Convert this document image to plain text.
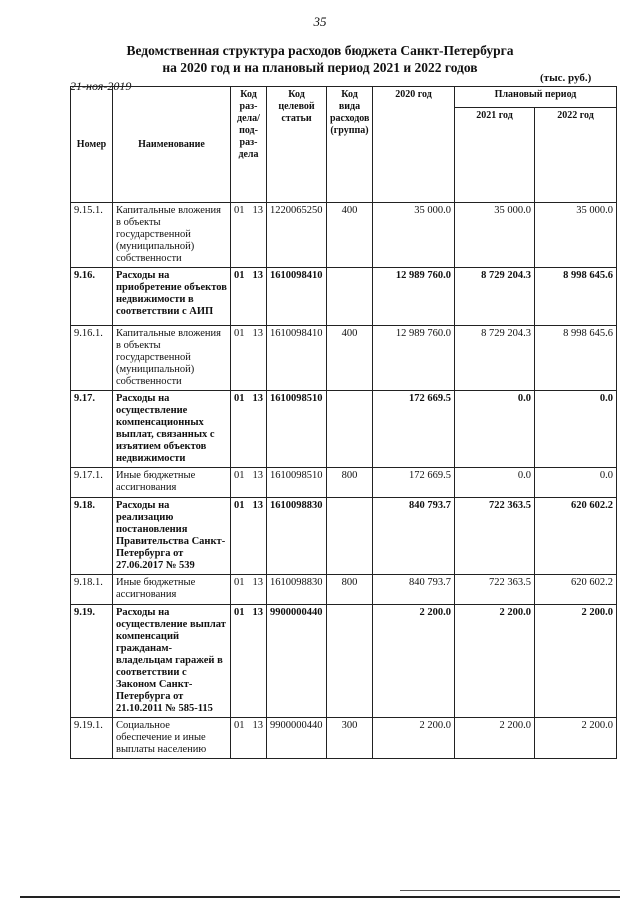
35
Ведомственная структура расходов бюджета Санкт-Петербурга
на 2020 год и на плановый период 2021 и 2022 годов
21-ноя-2019
(тыс. руб.)
Номер	Наименование	Код раз-дела/ под-раз-дела	Код целевой статьи	Код вида расходов (группа)	2020 год	Плановый период	
						2021 год	2022 год
9.15.1.	Капитальные вложения в объекты государственной (муниципальной) собственности	01 13	1220065250	400	35 000.0	35 000.0	35 000.0
9.16.	Расходы на приобретение объектов недвижимости в соответствии с АИП	01 13	1610098410		12 989 760.0	8 729 204.3	8 998 645.6
9.16.1.	Капитальные вложения в объекты государственной (муниципальной) собственности	01 13	1610098410	400	12 989 760.0	8 729 204.3	8 998 645.6
9.17.	Расходы на осуществление компенсационных выплат, связанных с изъятием объектов недвижимости	01 13	1610098510		172 669.5	0.0	0.0
9.17.1.	Иные бюджетные ассигнования	01 13	1610098510	800	172 669.5	0.0	0.0
9.18.	Расходы на реализацию постановления Правительства Санкт-Петербурга от 27.06.2017 № 539	01 13	1610098830		840 793.7	722 363.5	620 602.2
9.18.1.	Иные бюджетные ассигнования	01 13	1610098830	800	840 793.7	722 363.5	620 602.2
9.19.	Расходы на осуществление выплат компенсаций гражданам-владельцам гаражей в соответствии с Законом Санкт-Петербурга от 21.10.2011 № 585-115	01 13	9900000440		2 200.0	2 200.0	2 200.0
9.19.1.	Социальное обеспечение и иные выплаты населению	01 13	9900000440	300	2 200.0	2 200.0	2 200.0
